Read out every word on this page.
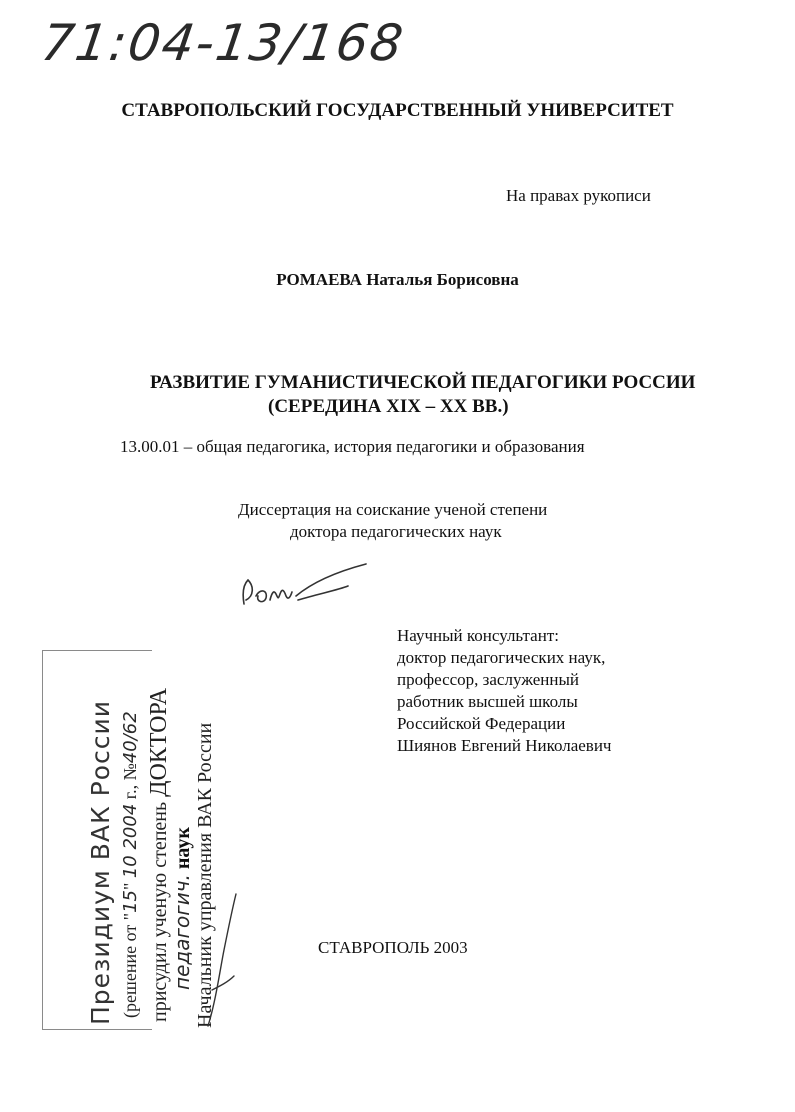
71:04-13/168
СТАВРОПОЛЬСКИЙ ГОСУДАРСТВЕННЫЙ УНИВЕРСИТЕТ
На правах рукописи
РОМАЕВА Наталья Борисовна
РАЗВИТИЕ ГУМАНИСТИЧЕСКОЙ ПЕДАГОГИКИ РОССИИ
(СЕРЕДИНА XIX – XX ВВ.)
13.00.01 – общая педагогика, история педагогики и образования
Диссертация на соискание ученой степени
доктора педагогических наук
Научный консультант:
доктор педагогических наук,
профессор, заслуженный
работник высшей школы
Российской Федерации
Шиянов Евгений Николаевич
Президиум ВАК России (решение от "15" 10 2004 г., №40/62
присудил ученую степень ДОКТОРА
педагогич. наук Начальник управления ВАК России	СТАВРОПОЛЬ 2003
